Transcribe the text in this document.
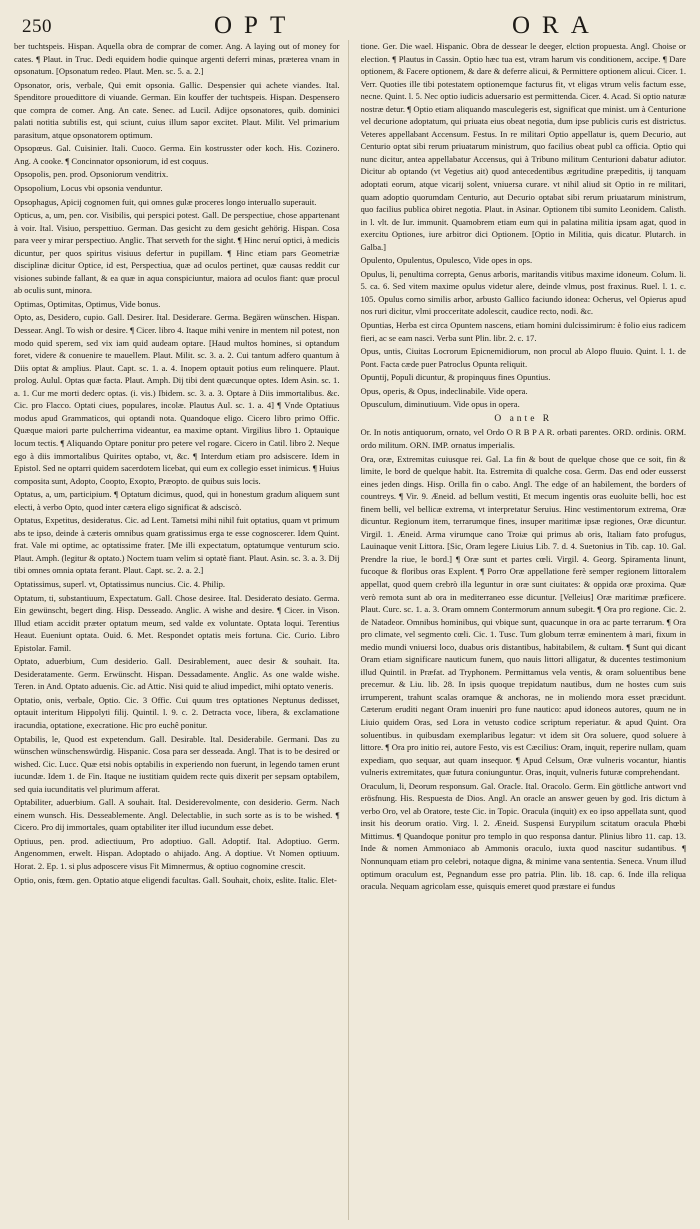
250	OPT	ORA

ber tuchtspeis. Hispan. Aquella obra de comprar de comer. Ang. A laying out of money for cates. ¶ Plaut. in Truc. Dedi equidem hodie quinque argenti deferri minas, præterea vnam in opsonatum. [Opsonatum redeo. Plaut. Men. sc. 5. a. 2.]

Opsonator, oris, verbale, Qui emit opsonia. Gallic. Despensier qui achete viandes. Ital. Spenditore prouedittore di viuande. German. Ein kouffer der tuchtspeis. Hispan. Despensero que compra de comer. Ang. An cate. Senec. ad Lucil. Adijce opsonatores, quib. dominici palati notitia subtilis est, qui sciunt, cuius illum sapor excitet. Plaut. Milit. Vel primarium parasitum, atque opsonatorem optimum.

Opsopœus. Gal. Cuisinier. Itali. Cuoco. Germa. Ein kostrusster oder koch. His. Cozinero. Ang. A cooke. ¶ Concinnator opsoniorum, id est coquus.

Opsopolis, pen. prod. Opsoniorum venditrix.

Opsopolium, Locus vbi opsonia venduntur.

Opsophagus, Apicij cognomen fuit, qui omnes gulæ proceres longo interuallo superauit.

Opticus, a, um, pen. cor. Visibilis, qui perspici potest. Gall. De perspectiue, chose appartenant à voir. Ital. Visiuo, perspettiuo. German. Das gesicht zu dem gesicht gehörig. Hispan. Cosa para veer y mirar perspectiuo. Anglic. That serveth for the sight. ¶ Hinc neruí optici, à medicis dicuntur, per quos spiritus visiuus defertur in pupillam. ¶ Hinc etiam pars Geometriæ disciplinæ dicitur Optice, id est, Perspectiua, quæ ad oculos pertinet, quæ causas reddit cur visiones subinde fallant, & ea quæ in aqua conspiciuntur, maiora ad oculos fiant: quæ procul ab oculis sunt, minora.

Optimas, Optimitas, Optimus, Vide bonus.

Opto, as, Desidero, cupio. Gall. Desirer. Ital. Desiderare. Germa. Begären wünschen. Hispan. Dessear. Angl. To wish or desire. ¶ Cicer. libro 4. Itaque mihi venire in mentem nil potest, non modo quid sperem, sed vix iam quid audeam optare. [Haud multos homines, si optandum foret, videre & conuenire te mauellem. Plaut. Milit. sc. 3. a. 2. Cui tantum adfero quantum à Diis optat & amplius. Plaut. Capt. sc. 1. a. 4. Inopem optauit potius eum relinquere. Plaut. prolog. Aulul. Optas quæ facta. Plaut. Amph. Dij tibi dent quæcunque optes. Idem Asin. sc. 1. a. 1. Cur me morti dederc optas. (i. vis.) Ibidem. sc. 3. a. 3. Optare à Diis immortalibus. &c. Cic. pro Flacco. Optati ciues, populares, incolæ. Plautus Aul. sc. 1. a. 4] ¶ Vnde Optatiuus modus apud Grammaticos, qui optandi nota. Quandoque eligo. Cicero libro primo Offic. Quæque maiori parte pulcherrima videantur, ea maxime optant. Virgilius libro 1. Optauique locum tectis. ¶ Aliquando Optare ponitur pro petere vel rogare. Cicero in Catil. libro 2. Neque ego à diis immortalibus Quirites optabo, vt, &c. ¶ Interdum etiam pro adsiscere. Idem in Epistol. Sed ne optarri quidem sacerdotem licebat, qui eum ex collegio esset inimicus. ¶ Huius composita sunt, Adopto, Coopto, Exopto, Præopto. de quibus suis locis.

Optatus, a, um, participium. ¶ Optatum dicimus, quod, qui in honestum gradum aliquem sunt electi, à verbo Opto, quod inter cætera eligo significat & adsciscò.

Optatus, Expetitus, desideratus. Cic. ad Lent. Tametsi mihi nihil fuit optatius, quam vt primum abs te ipso, deinde à cæteris omnibus quam gratissimus erga te esse cognoscerer. Idem Quint. frat. Vale mi optime, ac optatissime frater. [Me illi expectatum, optatumque venturum scio. Plaut. Amph. (legitur & optato.) Noctem tuam velim si optatè fiant. Plaut. Asin. sc. 3. a. 3. Dij tibi omnes omnia optata ferant. Plaut. Capt. sc. 2. a. 2.]

Optatissimus, superl. vt, Optatissimus nuncius. Cic. 4. Philip.

Optatum, ti, substantiuum, Expectatum. Gall. Chose desiree. Ital. Desiderato desiato. Germa. Ein gewünscht, begert ding. Hisp. Desseado. Anglic. A wishe and desire. ¶ Cicer. in Vison. Illud etiam accidit præter optatum meum, sed valde ex voluntate. Optata loqui. Terentius Heaut. Eueniunt optata. Ouid. 6. Met. Respondet optatis meis fortuna. Cic. Curio. Libro Epistolar. Famil.

Optato, aduerbium, Cum desiderio. Gall. Desirablement, auec desir & souhait. Ita. Desideratamente. Germ. Erwünscht. Hispan. Dessadamente. Anglic. As one walde wishe. Teren. in And. Optato aduenis. Cic. ad Attic. Nisi quid te aliud impedict, mihi optato veneris.

Optatio, onis, verbale, Optio. Cic. 3 Offic. Cui quum tres optationes Neptunus dedisset, optauit interitum Hippolyti filij. Quintil. l. 9. c. 2. Detracta voce, libera, & exclamatione iracundia, optatione, execratione. Hic pro euchê ponitur.

Optabilis, le, Quod est expetendum. Gall. Desirable. Ital. Desiderabile. Germani. Das zu wünschen wünschenswürdig. Hispanic. Cosa para ser desseada. Angl. That is to be desired or wished. Cic. Lucc. Quæ etsi nobis optabilis in experiendo non fuerunt, in legendo tamen erunt iucundæ. Idem 1. de Fin. Itaque ne iustitiam quidem recte quis dixerit per sepsam optabilem, sed quia iucunditatis vel plurimum afferat.

Optabiliter, aduerbium. Gall. A souhait. Ital. Desiderevolmente, con desiderio. Germ. Nach einem wunsch. His. Desseablemente. Angl. Delectablie, in such sorte as is to be wished. ¶ Cicero. Pro dij immortales, quam optabiliter iter illud iucundum esse debet.

Optiuus, pen. prod. adiectiuum, Pro adoptiuo. Gall. Adoptif. Ital. Adoptiuo. Germ. Angenommen, erwelt. Hispan. Adoptado o ahijado. Ang. A doptiue. Vt Nomen optiuum. Horat. 2. Ep. 1. si plus adposcere visus Fit Mimnermus, & optiuo cognomine crescit.

Optio, onis, fœm. gen. Optatio atque eligendi facultas. Gall. Souhait, choix, eslite. Italic. Elet-

tione. Ger. Die wael. Hispanic. Obra de dessear le deeger, elction propuesta. Angl. Choise or election. ¶ Plautus in Cassin. Optio hæc tua est, vtram harum vis conditionem, accipe. ¶ Dare optionem, & Facere optionem, & dare & deferre alicui, & Permittere optionem alicui. Cicer. 1. Verr. Quoties ille tibi potestatem optionemque facturus fit, vt eligas vtrum velis factum esse, necne. Quint. l. 5. Nec optio iudicis aduersario est permittenda. Cicer. 4. Acad. Si optio naturæ nostræ detur. ¶ Optio etiam aliquando masculegeris est, significat que minist. um à Centurione vel decurione adoptatum, qui priuata eius obeat negotia, dum ipse publicis curis est districtus. Veteres appellabant Accensum. Festus. In re militari Optio appellatur is, quem Decurio, aut Centurio optat sibi rerum priuatarum ministrum, quo facilius obeat publ ca officia. Optio qui nunc dicitur, antea appellabatur Accensus, qui à Tribuno militum Centurioni dabatur adiutor. Dicitur ab optando (vt Vegetius ait) quod antecedentibus ægritudine præpeditis, ij tanquam adoptati eorum, atque vicarij solent, vniuersa curare. vt nihil aliud sit Optio in re militari, quam adoptio quorumdam Centurio, aut Decurio optabat sibi rerum priuatarum ministrum, quo facilius publica obiret negotia. Plaut. in Asinar. Optionem tibi sumito Leonidem. Calisth. in l. vlt. de Iur. immunit. Quamobrem etiam eum qui in palatina militia ipsam agat, quod in exercitu Optiones, iure arbitror dici Optionem. [Optio in Militia, quis dicatur. Plutarch. in Galba.]

Opulento, Opulentus, Opulesco, Vide opes in ops.

Opulus, li, penultima correpta, Genus arboris, maritandis vitibus maxime idoneum. Colum. li. 5. ca. 6. Sed vitem maxime opulus videtur alere, deinde vlmus, post fraxinus. Ruel. l. 1. c. 105. Opulus corno similis arbor, arbusto Gallico faciundo idonea: Ocherus, vel Opierus apud nos ruri dicitur, vlmi procceritate adolescit, caudice recto, nodi. &c.

Opuntias, Herba est circa Opuntem nascens, etiam homini dulcissimirum: è folio eius radicem fieri, ac se eam nasci. Verba sunt Plin. libr. 2. c. 17.

Opus, untis, Ciuitas Locrorum Epicnemidiorum, non procul ab Alopo fluuio. Quint. l. 1. de Pont. Facta cæde puer Patroclus Opunta reliquit.

Opuntij, Populi dicuntur, & propinquus fines Opuntius.

Opus, operis, & Opus, indeclinabile. Vide opera.

Opusculum, diminutiuum. Vide opus in opera.

O ante R

Or. In notis antiquorum, ornato, vel Ordo O R B P A R. orbati parentes. ORD. ordinis. ORM. ordo militum. ORN. IMP. ornatus imperialis.

Ora, oræ, Extremitas cuiusque rei. Gal. La fin & bout de quelque chose que ce soit, fin & limite, le bord de quelque habit. Ita. Estremita di qualche cosa. Germ. Das end oder eusserst eines jeden dings. Hisp. Orilla fin o cabo. Angl. The edge of an habilement, the borders of countreys. ¶ Vir. 9. Æneid. ad bellum vestiti, Et mecum ingentis oras euoluite belli, hoc est finem belli, vel bellicæ extrema, vt interpretatur Seruius. Hinc vestimentorum extrema, Oræ dicuntur. Regionum item, terrarumque fines, insuper maritimæ ipsæ regiones, Oræ dicuntur. Virgil. 1. Æneid. Arma virumque cano Troiæ qui primus ab oris, Italiam fato profugus, Lauinaque venit Littora. [Sic, Oram legere Liuius Lib. 7. d. 4. Suetonius in Tib. cap. 10. Gal. Prendre la riue, le bord.] ¶ Oræ sunt et partes cœli. Virgil. 4. Georg. Spiramenta linunt, fucoque & floribus oras Explent. ¶ Porro Oræ appellatione ferè semper regionem littoralem appellat, quod quem crebrò illa leguntur in oræ sunt ciuitates: & oppida oræ proxima. Quæ verò remota sunt ab ora in mediterraneo esse dicuntur. [Velleius] Oræ maritimæ præficere. Plaut. Curc. sc. 1. a. 3. Oram omnem Contermorum annum subegit. ¶ Ora pro regione. Cic. 2. de Natadeor. Omnibus hominibus, qui vbique sunt, quacunque in ora ac parte terrarum. ¶ Ora pro climate, vel segmento cœli. Cic. 1. Tusc. Tum globum terræ eminentem à mari, fixum in medio mundi vniuersi loco, duabus oris distantibus, habitabilem, & cultam. ¶ Sunt qui dicant Oram etiam significare nauticum funem, quo nauis littori alligatur, & ducentes testimonium illud Quintil. in Præfat. ad Tryphonem. Permittamus vela ventis, & oram soluentibus bene precemur. & Liu. lib. 28. In ipsis quoque trepidatum nautibus, dum ne hostes cum suis irrumperent, trahunt scalas oramque & anchoras, ne in moliendo mora esset præcidunt. Cæterum eruditi negant Oram inueniri pro fune nautico: apud idoneos autores, quum ne in Liuio quidem Oras, sed Lora in vetusto codice scriptum reperiatur. & apud Quint. Ora soluentibus. in quibusdam exemplaribus legatur: vt idem sit Ora soluere, quod soluere à littore. ¶ Ora pro initio rei, autore Festo, vis est Cæcilius: Oram, inquit, reperire nullam, quam expediam, quo sequar, aut quam insequor. ¶ Apud Celsum, Oræ vulneris vocantur, hiantis vulneris extremitates, quæ futura coniunguntur. Oras, inquit, vulneris futuræ comprehendant.

Oraculum, li, Deorum responsum. Gal. Oracle. Ital. Oracolo. Germ. Ein göttliche antwort vnd erösfnung. His. Respuesta de Dios. Angl. An oracle an answer geuen by god. Iris dictum à verbo Oro, vel ab Oratore, teste Cic. in Topic. Oracula (inquit) ex eo ipso appellata sunt, quod insit his deorum oratio. Virg. l. 2. Æneid. Suspensi Eurypilum scitatum oracula Phœbi Mittimus. ¶ Quandoque ponitur pro templo in quo responsa dantur. Plinius libro 11. cap. 13. Inde & nomen Ammoniaco ab Ammonis oraculo, iuxta quod nascitur sudantibus. ¶ Nonnunquam etiam pro celebri, notaque digna, & minime vana sententia. Seneca. Vnum illud optimum oraculum est, Pegnandum esse pro patria. Plin. lib. 18. cap. 6. Inde illa reliqua oracula. Nequam agricolam esse, quisquis emeret quod præstare ei fundus
